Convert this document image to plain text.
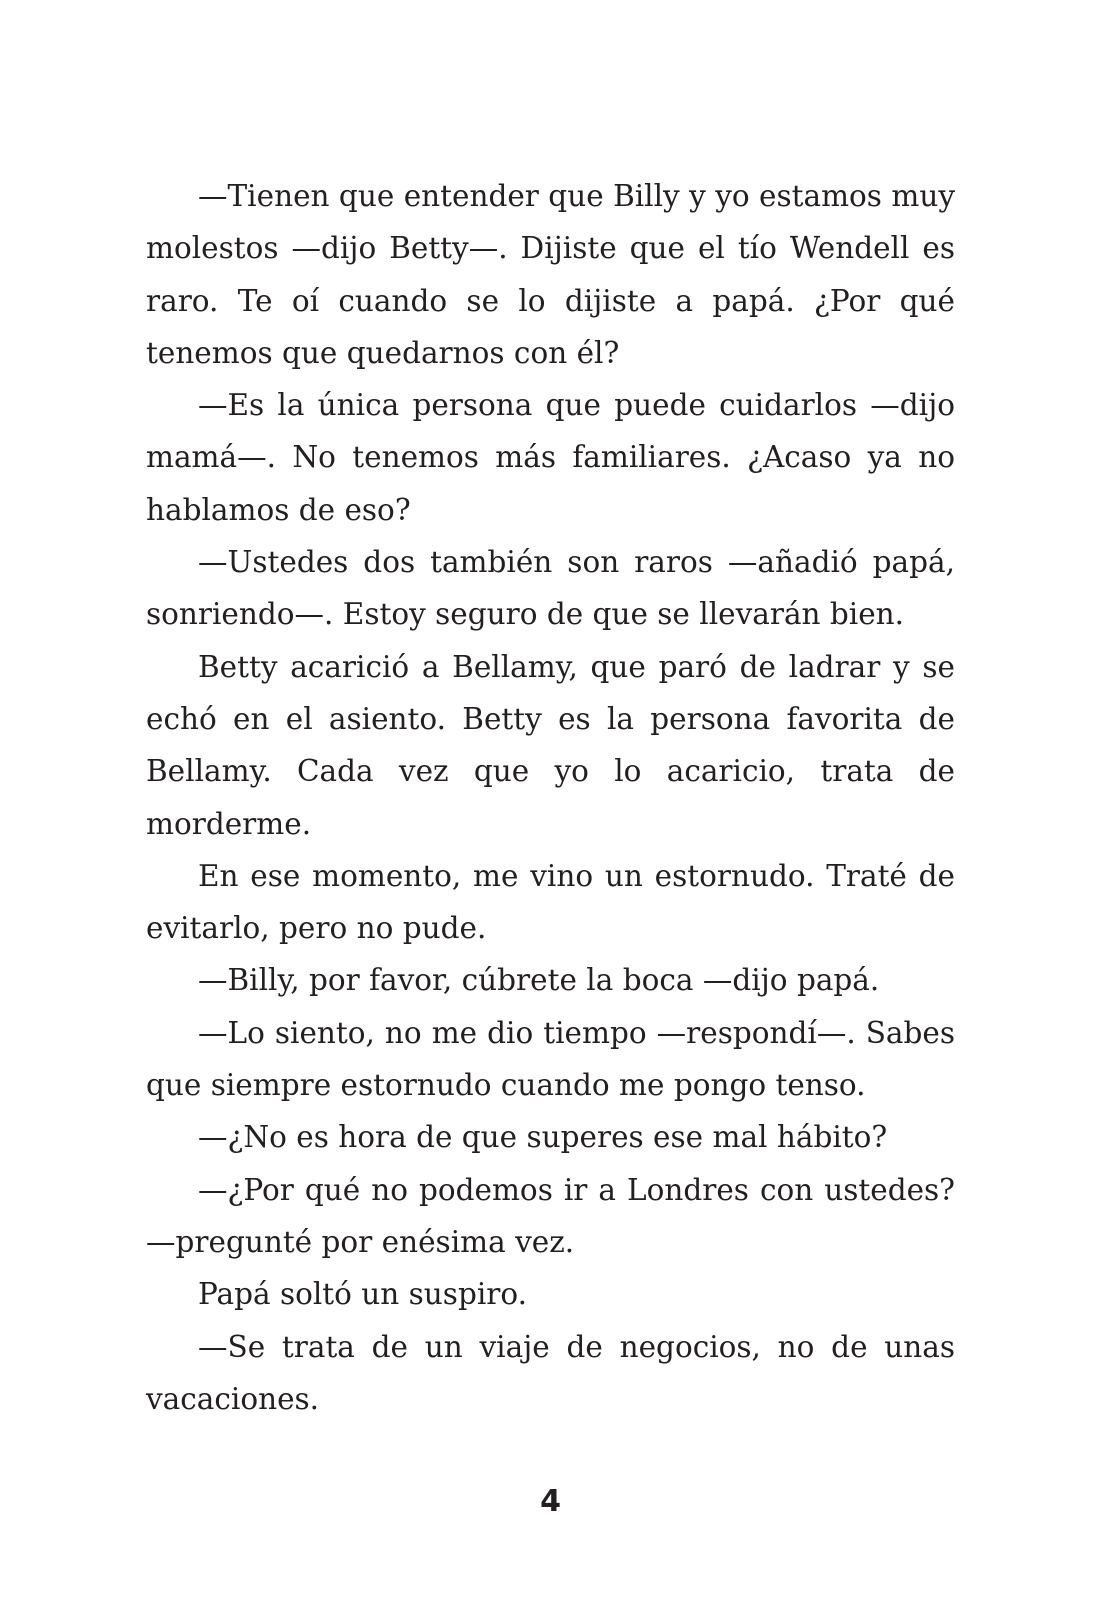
—Tienen que entender que Billy y yo estamos muy molestos —dijo Betty—. Dijiste que el tío Wendell es raro. Te oí cuando se lo dijiste a papá. ¿Por qué tenemos que quedarnos con él?

—Es la única persona que puede cuidarlos —dijo mamá—. No tenemos más familiares. ¿Acaso ya no hablamos de eso?

—Ustedes dos también son raros —añadió papá, sonriendo—. Estoy seguro de que se llevarán bien.

Betty acarició a Bellamy, que paró de ladrar y se echó en el asiento. Betty es la persona favorita de Bellamy. Cada vez que yo lo acaricio, trata de morderme.

En ese momento, me vino un estornudo. Traté de evitarlo, pero no pude.

—Billy, por favor, cúbrete la boca —dijo papá.

—Lo siento, no me dio tiempo —respondí—. Sabes que siempre estornudo cuando me pongo tenso.

—¿No es hora de que superes ese mal hábito?

—¿Por qué no podemos ir a Londres con ustedes? —pregunté por enésima vez.

Papá soltó un suspiro.

—Se trata de un viaje de negocios, no de unas vacaciones.

4
